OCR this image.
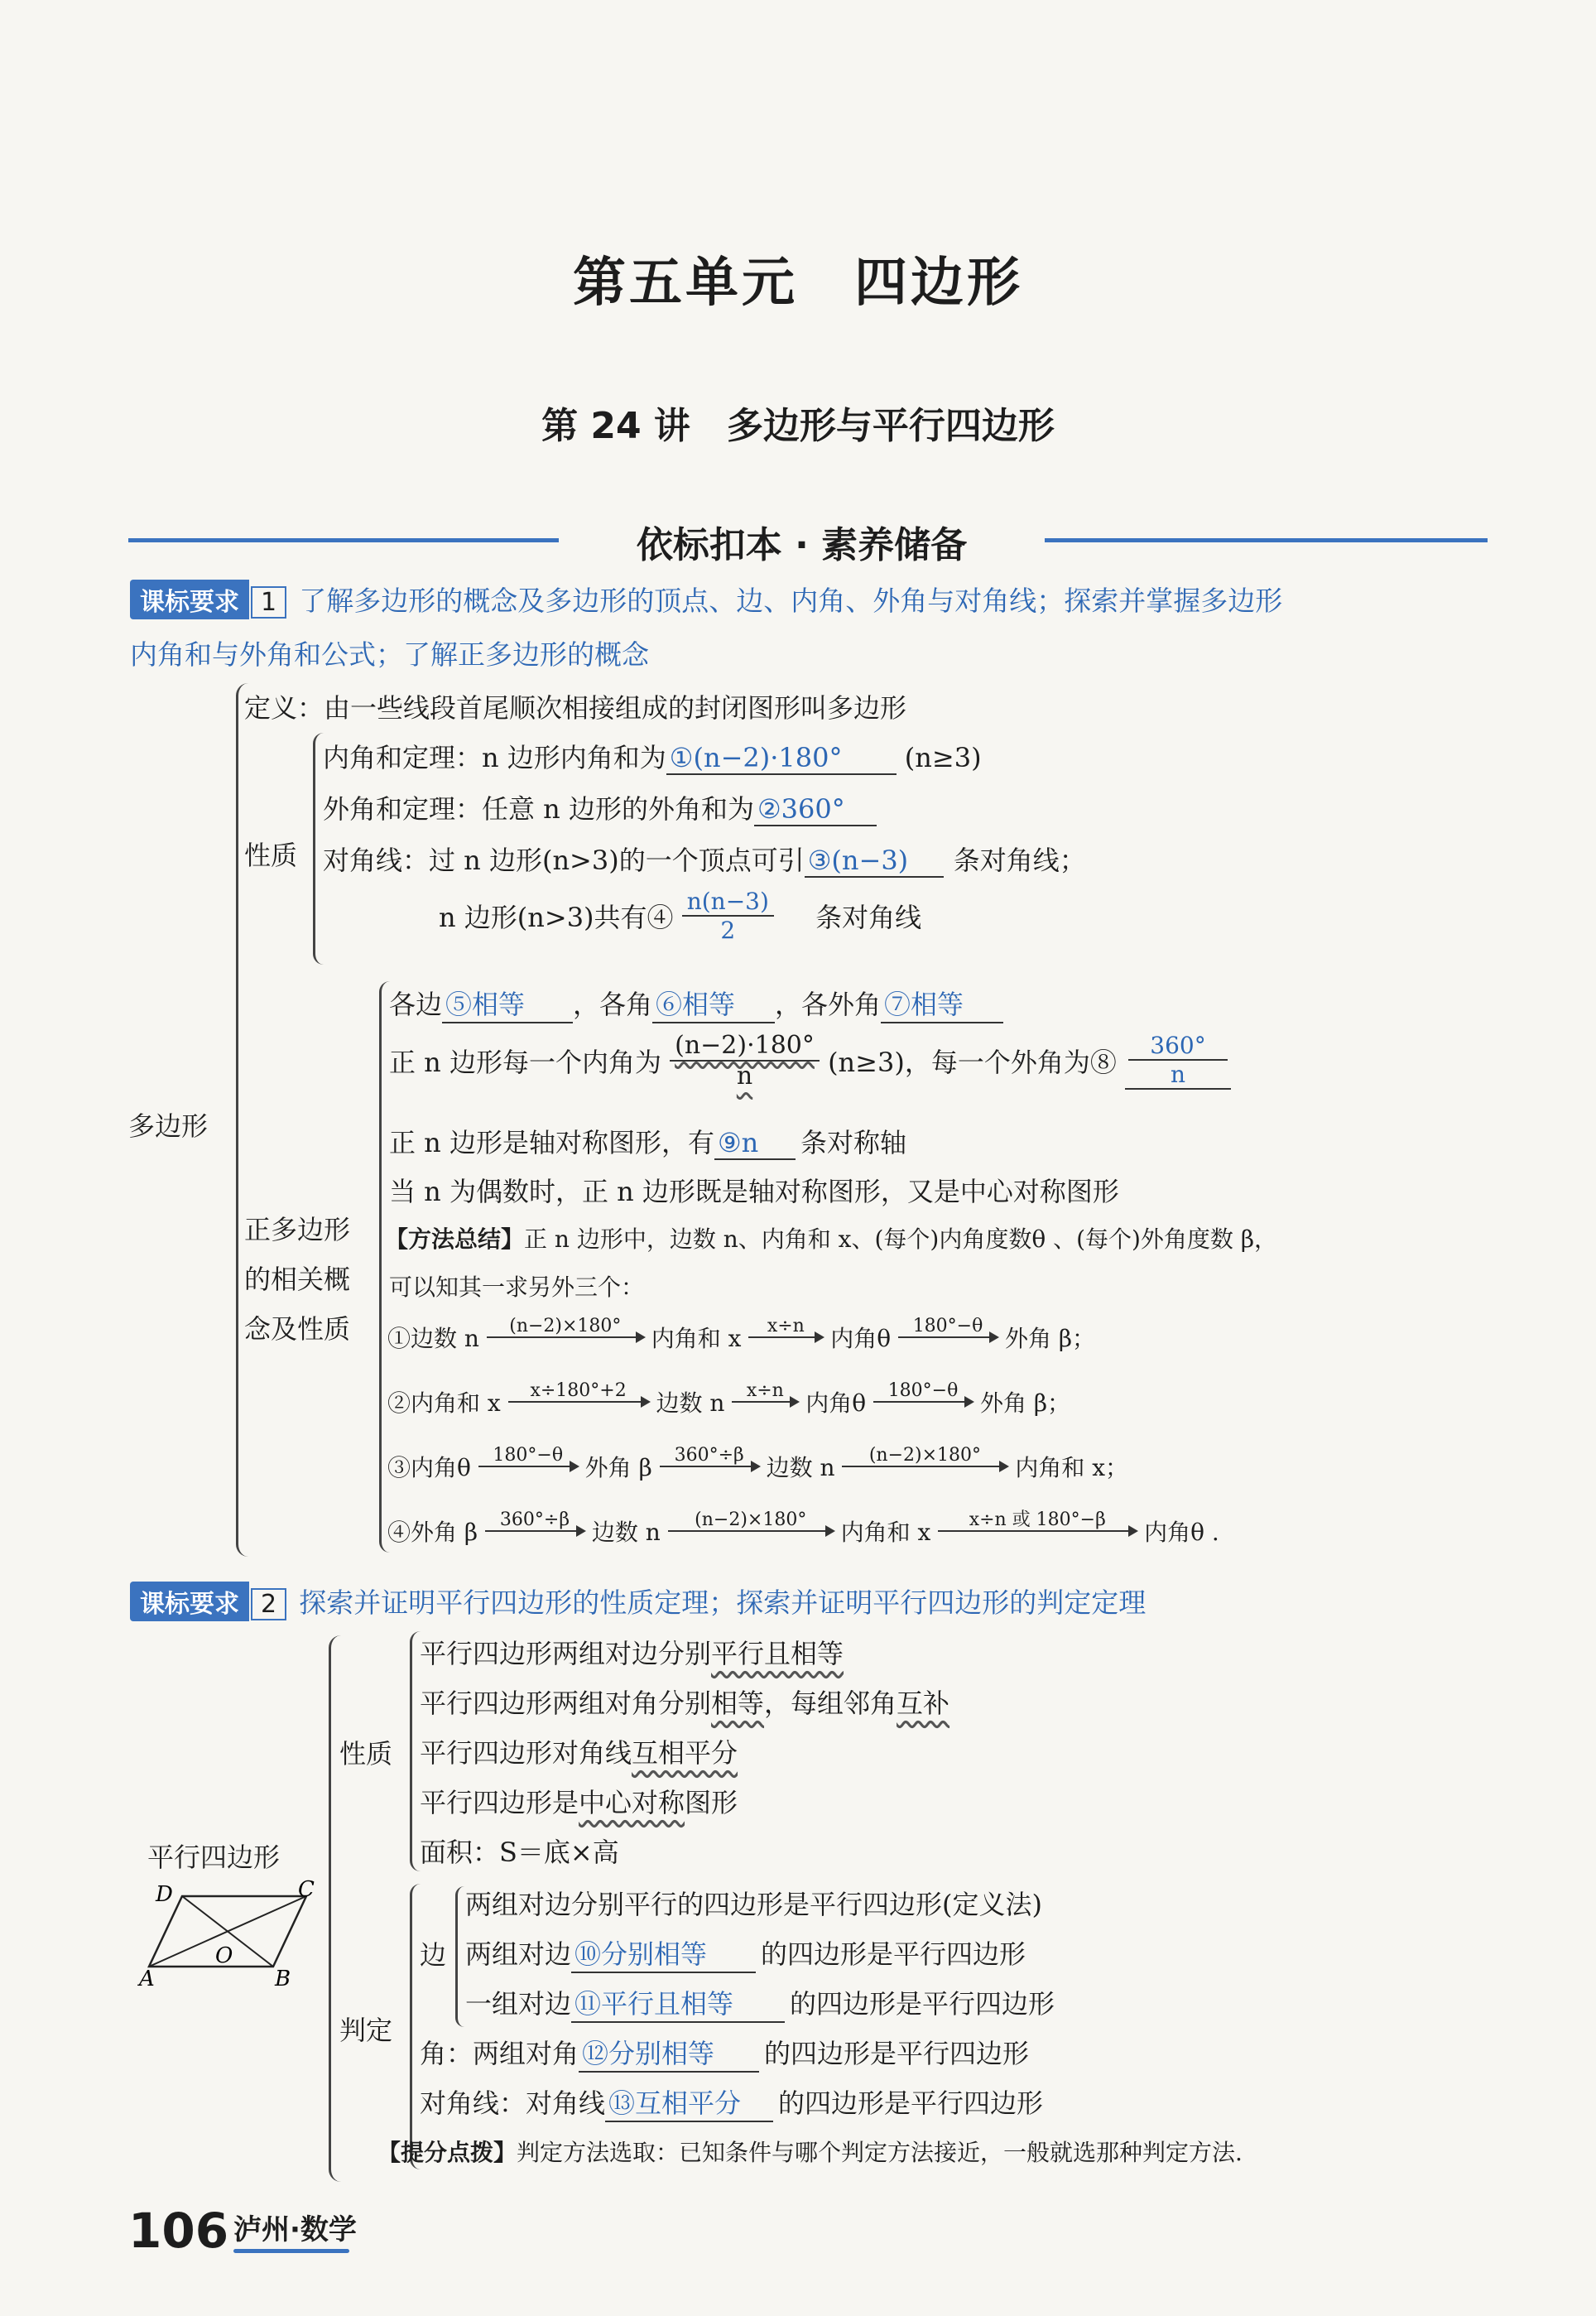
第五单元　四边形
第 24 讲　多边形与平行四边形
依标扣本 · 素养储备
课标要求 1 了解多边形的概念及多边形的顶点、边、内角、外角与对角线；探索并掌握多边形
内角和与外角和公式；了解正多边形的概念
多边形
定义：由一些线段首尾顺次相接组成的封闭图形叫多边形
性质
内角和定理：n 边形内角和为 ①(n−2)·180° (n≥3)
外角和定理：任意 n 边形的外角和为 ②360°
对角线：过 n 边形(n>3)的一个顶点可引 ③(n−3) 条对角线；
n 边形(n>3)共有④ $\frac{n(n-3)}{2}$ 条对角线
正多边形
的相关概
念及性质
各边 ⑤相等 ，各角 ⑥相等 ，各外角 ⑦相等
正 n 边形每一个内角为 $\frac{(n-2)\cdot 180^\circ}{n} (n\ge 3)$，每一个外角为⑧ $\frac{360^\circ}{n}$
正 n 边形是轴对称图形，有 ⑨n 条对称轴
当 n 为偶数时，正 n 边形既是轴对称图形，又是中心对称图形
【方法总结】正 n 边形中，边数 n、内角和 x、(每个)内角度数θ 、(每个)外角度数 β，
可以知其一求另外三个：
①边数 n	(n−2)×180°
	内角和 x	x÷n
	内角θ	180°−θ
外角 β；
②内角和 x	x÷180°+2
	边数 n	x÷n
内角θ	180°−θ
外角 β；
③内角θ	180°−θ
外角 β	360°÷β
边数 n	(n−2)×180°
	内角和 x；
④外角 β	360°÷β
边数 n	(n−2)×180°
	内角和 x	x÷n 或 180°−β
	内角θ .
课标要求 2 探索并证明平行四边形的性质定理；探索并证明平行四边形的判定定理
平行四边形
D	C
A	B
O
性质
平行四边形两组对边分别平行且相等
平行四边形两组对角分别相等，每组邻角互补
平行四边形对角线互相平分
平行四边形是中心对称图形
面积：S＝底×高
判定
边
两组对边分别平行的四边形是平行四边形(定义法)
两组对边 ⑩分别相等 的四边形是平行四边形
一组对边 ⑪平行且相等 的四边形是平行四边形
角：两组对角 ⑫分别相等 的四边形是平行四边形
对角线：对角线 ⑬互相平分 的四边形是平行四边形
【提分点拨】判定方法选取：已知条件与哪个判定方法接近，一般就选那种判定方法.
106 泸州·数学
